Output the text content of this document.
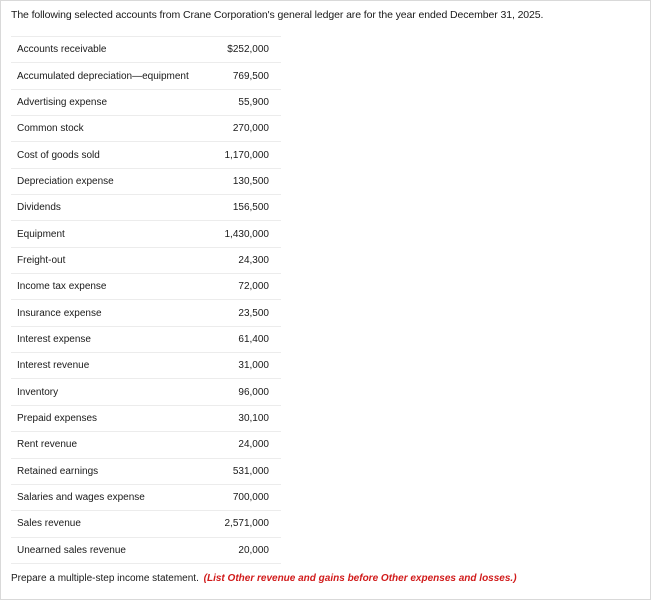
The following selected accounts from Crane Corporation's general ledger are for the year ended December 31, 2025.
Accounts receivable	$252,000
Accumulated depreciation—equipment	769,500
Advertising expense	55,900
Common stock	270,000
Cost of goods sold	1,170,000
Depreciation expense	130,500
Dividends	156,500
Equipment	1,430,000
Freight-out	24,300
Income tax expense	72,000
Insurance expense	23,500
Interest expense	61,400
Interest revenue	31,000
Inventory	96,000
Prepaid expenses	30,100
Rent revenue	24,000
Retained earnings	531,000
Salaries and wages expense	700,000
Sales revenue	2,571,000
Unearned sales revenue	20,000
Prepare a multiple-step income statement. (List Other revenue and gains before Other expenses and losses.)
